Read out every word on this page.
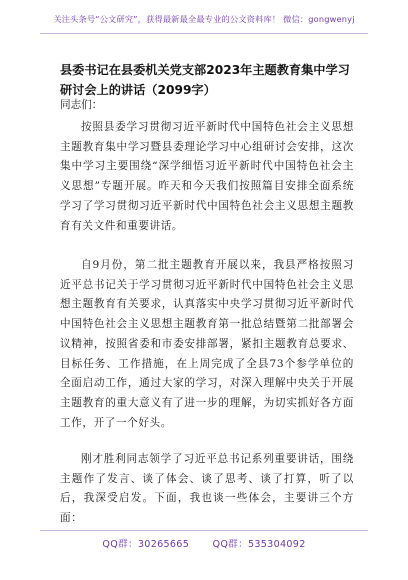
关注头条号“公文研究”，获得最新最全最专业的公文资料库！ 微信：gongwenyj
县委书记在县委机关党支部2023年主题教育集中学习研讨会上的讲话（2099字）
同志们：
按照县委学习贯彻习近平新时代中国特色社会主义思想主题教育集中学习暨县委理论学习中心组研讨会安排，这次集中学习主要围绕“深学细悟习近平新时代中国特色社会主义思想”专题开展。昨天和今天我们按照篇目安排全面系统学习了学习贯彻习近平新时代中国特色社会主义思想主题教育有关文件和重要讲话。
自9月份，第二批主题教育开展以来，我县严格按照习近平总书记关于学习贯彻习近平新时代中国特色社会主义思想主题教育有关要求，认真落实中央学习贯彻习近平新时代中国特色社会主义思想主题教育第一批总结暨第二批部署会议精神，按照省委和市委安排部署，紧扣主题教育总要求、目标任务、工作措施，在上周完成了全县73个参学单位的全面启动工作，通过大家的学习，对深入理解中央关于开展主题教育的重大意义有了进一步的理解，为切实抓好各方面工作，开了一个好头。
刚才胜利同志领学了习近平总书记系列重要讲话，围绕主题作了发言、谈了体会、谈了思考、谈了打算，听了以后，我深受启发。下面，我也谈一些体会，主要讲三个方面：
QQ群：30265665 QQ群：535304092
